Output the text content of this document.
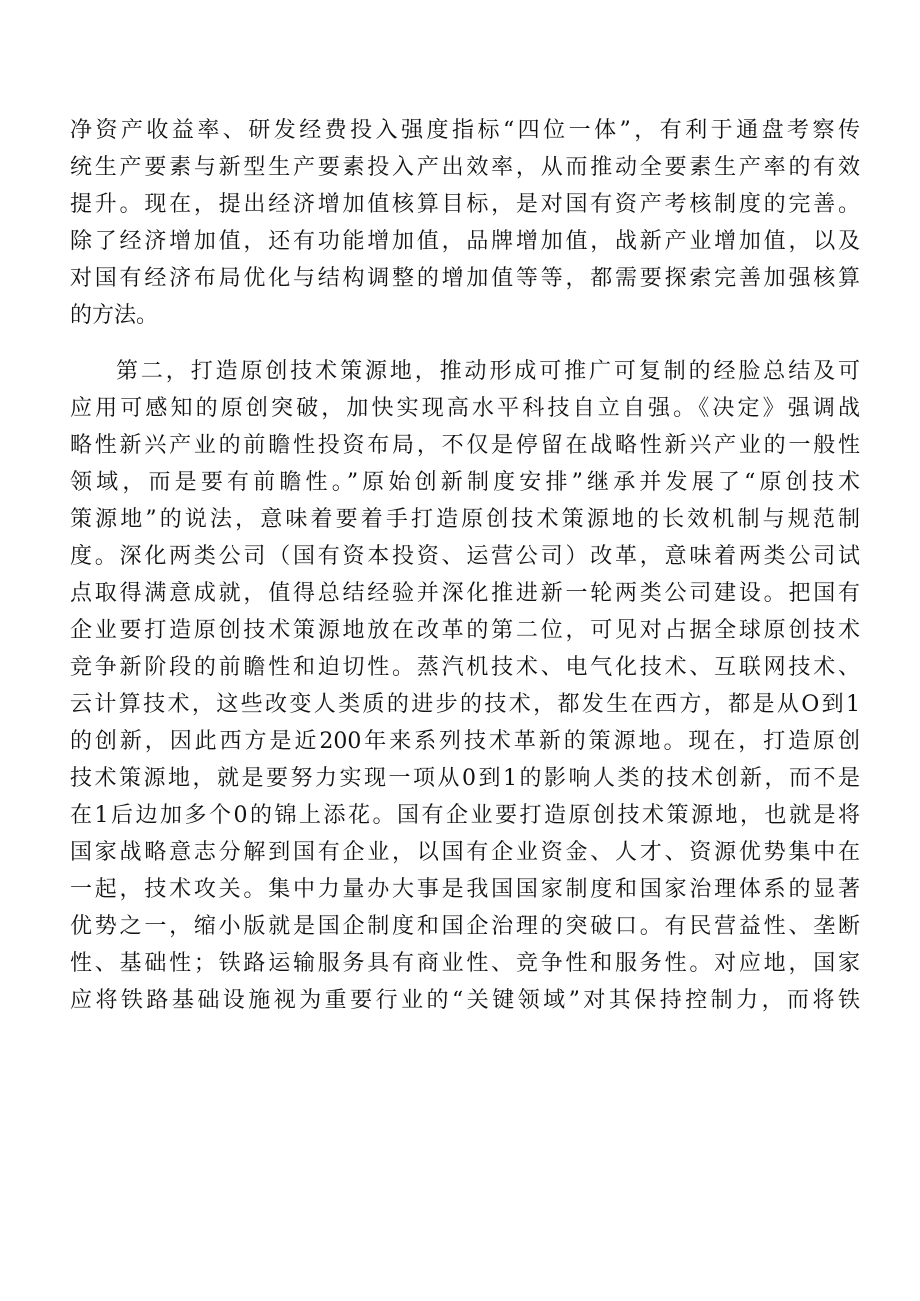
净资产收益率、研发经费投入强度指标“四位一体”，有利于通盘考察传
统生产要素与新型生产要素投入产出效率，从而推动全要素生产率的有效
提升。现在，提出经济增加值核算目标，是对国有资产考核制度的完善。
除了经济增加值，还有功能增加值，品牌增加值，战新产业增加值，以及
对国有经济布局优化与结构调整的增加值等等，都需要探索完善加强核算
的方法。
第二，打造原创技术策源地，推动形成可推广可复制的经脸总结及可
应用可感知的原创突破，加快实现高水平科技自立自强。《决定》强调战
略性新兴产业的前瞻性投资布局，不仅是停留在战略性新兴产业的一般性
领域，而是要有前瞻性。”原始创新制度安排”继承并发展了“原创技术
策源地”的说法，意味着要着手打造原创技术策源地的长效机制与规范制
度。深化两类公司（国有资本投资、运营公司）改革，意味着两类公司试
点取得满意成就，值得总结经验并深化推进新一轮两类公司建设。把国有
企业要打造原创技术策源地放在改革的第二位，可见对占据全球原创技术
竞争新阶段的前瞻性和迫切性。蒸汽机技术、电气化技术、互联网技术、
云计算技术，这些改变人类质的进步的技术，都发生在西方，都是从O到1
的创新，因此西方是近200年来系列技术革新的策源地。现在，打造原创
技术策源地，就是要努力实现一项从0到1的影响人类的技术创新，而不是
在1后边加多个0的锦上添花。国有企业要打造原创技术策源地，也就是将
国家战略意志分解到国有企业，以国有企业资金、人才、资源优势集中在
一起，技术攻关。集中力量办大事是我国国家制度和国家治理体系的显著
优势之一，缩小版就是国企制度和国企治理的突破口。有民营益性、垄断
性、基础性；铁路运输服务具有商业性、竞争性和服务性。对应地，国家
应将铁路基础设施视为重要行业的“关键领域”对其保持控制力，而将铁
